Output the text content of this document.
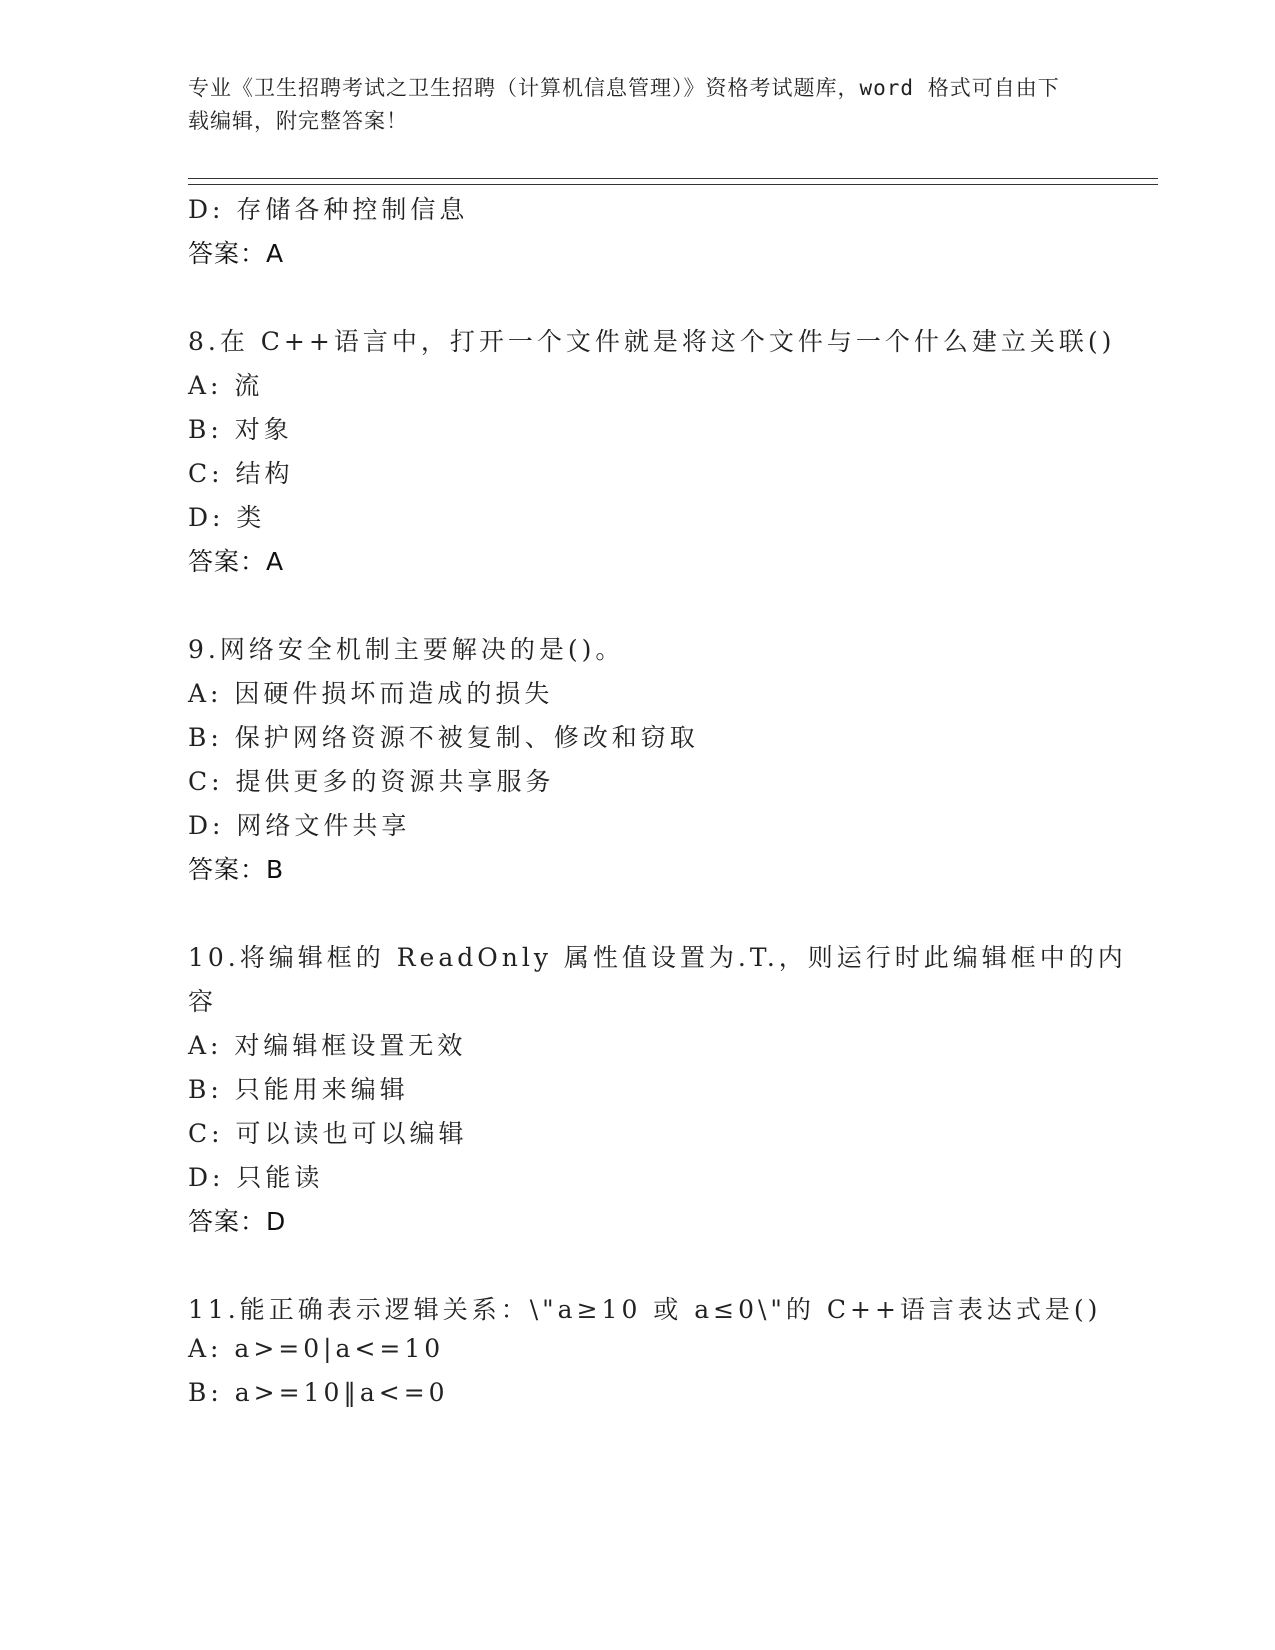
专业《卫生招聘考试之卫生招聘（计算机信息管理）》资格考试题库，word 格式可自由下载编辑，附完整答案！
D: 存储各种控制信息
答案：A
8.在 C++语言中，打开一个文件就是将这个文件与一个什么建立关联()
A: 流
B: 对象
C: 结构
D: 类
答案：A
9.网络安全机制主要解决的是()。
A: 因硬件损坏而造成的损失
B: 保护网络资源不被复制、修改和窃取
C: 提供更多的资源共享服务
D: 网络文件共享
答案：B
10.将编辑框的 ReadOnly 属性值设置为.T.，则运行时此编辑框中的内
容
A: 对编辑框设置无效
B: 只能用来编辑
C: 可以读也可以编辑
D: 只能读
答案：D
11.能正确表示逻辑关系：\"a≥10 或 a≤0\"的 C++语言表达式是()
A: a>=0|a<=10
B: a>=10‖a<=0
